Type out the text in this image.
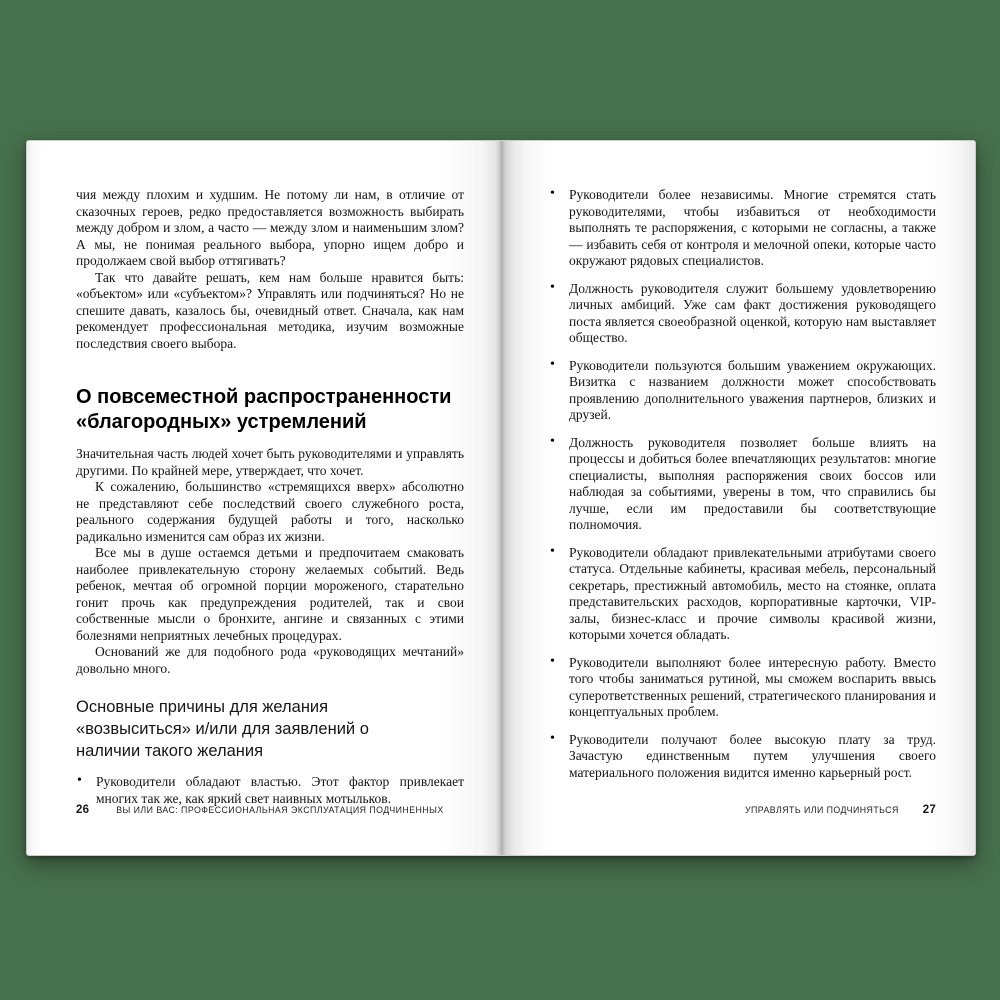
чия между плохим и худшим. Не потому ли нам, в отличие от сказочных героев, редко предоставляется возможность выбирать между добром и злом, а часто — между злом и наименьшим злом? А мы, не понимая реального выбора, упорно ищем добро и продолжаем свой выбор оттягивать?

Так что давайте решать, кем нам больше нравится быть: «объектом» или «субъектом»? Управлять или подчиняться? Но не спешите давать, казалось бы, очевидный ответ. Сначала, как нам рекомендует профессиональная методика, изучим возможные последствия своего выбора.

О повсеместной распространенности «благородных» устремлений

Значительная часть людей хочет быть руководителями и управлять другими. По крайней мере, утверждает, что хочет.

К сожалению, большинство «стремящихся вверх» абсолютно не представляют себе последствий своего служебного роста, реального содержания будущей работы и того, насколько радикально изменится сам образ их жизни.

Все мы в душе остаемся детьми и предпочитаем смаковать наиболее привлекательную сторону желаемых событий. Ведь ребенок, мечтая об огромной порции мороженого, старательно гонит прочь как предупреждения родителей, так и свои собственные мысли о бронхите, ангине и связанных с этими болезнями неприятных лечебных процедурах.

Оснований же для подобного рода «руководящих мечтаний» довольно много.

Основные причины для желания «возвыситься» и/или для заявлений о наличии такого желания
• Руководители обладают властью. Этот фактор привлекает многих так же, как яркий свет наивных мотыльков.
26	ВЫ ИЛИ ВАС: ПРОФЕССИОНАЛЬНАЯ ЭКСПЛУАТАЦИЯ ПОДЧИНЕННЫХ
• Руководители более независимы. Многие стремятся стать руководителями, чтобы избавиться от необходимости выполнять те распоряжения, с которыми не согласны, а также — избавить себя от контроля и мелочной опеки, которые часто окружают рядовых специалистов.
• Должность руководителя служит большему удовлетворению личных амбиций. Уже сам факт достижения руководящего поста является своеобразной оценкой, которую нам выставляет общество.
• Руководители пользуются большим уважением окружающих. Визитка с названием должности может способствовать проявлению дополнительного уважения партнеров, близких и друзей.
• Должность руководителя позволяет больше влиять на процессы и добиться более впечатляющих результатов: многие специалисты, выполняя распоряжения своих боссов или наблюдая за событиями, уверены в том, что справились бы лучше, если им предоставили бы соответствующие полномочия.
• Руководители обладают привлекательными атрибутами своего статуса. Отдельные кабинеты, красивая мебель, персональный секретарь, престижный автомобиль, место на стоянке, оплата представительских расходов, корпоративные карточки, VIP-залы, бизнес-класс и прочие символы красивой жизни, которыми хочется обладать.
• Руководители выполняют более интересную работу. Вместо того чтобы заниматься рутиной, мы сможем воспарить ввысь суперответственных решений, стратегического планирования и концептуальных проблем.
• Руководители получают более высокую плату за труд. Зачастую единственным путем улучшения своего материального положения видится именно карьерный рост.
УПРАВЛЯТЬ ИЛИ ПОДЧИНЯТЬСЯ 27
